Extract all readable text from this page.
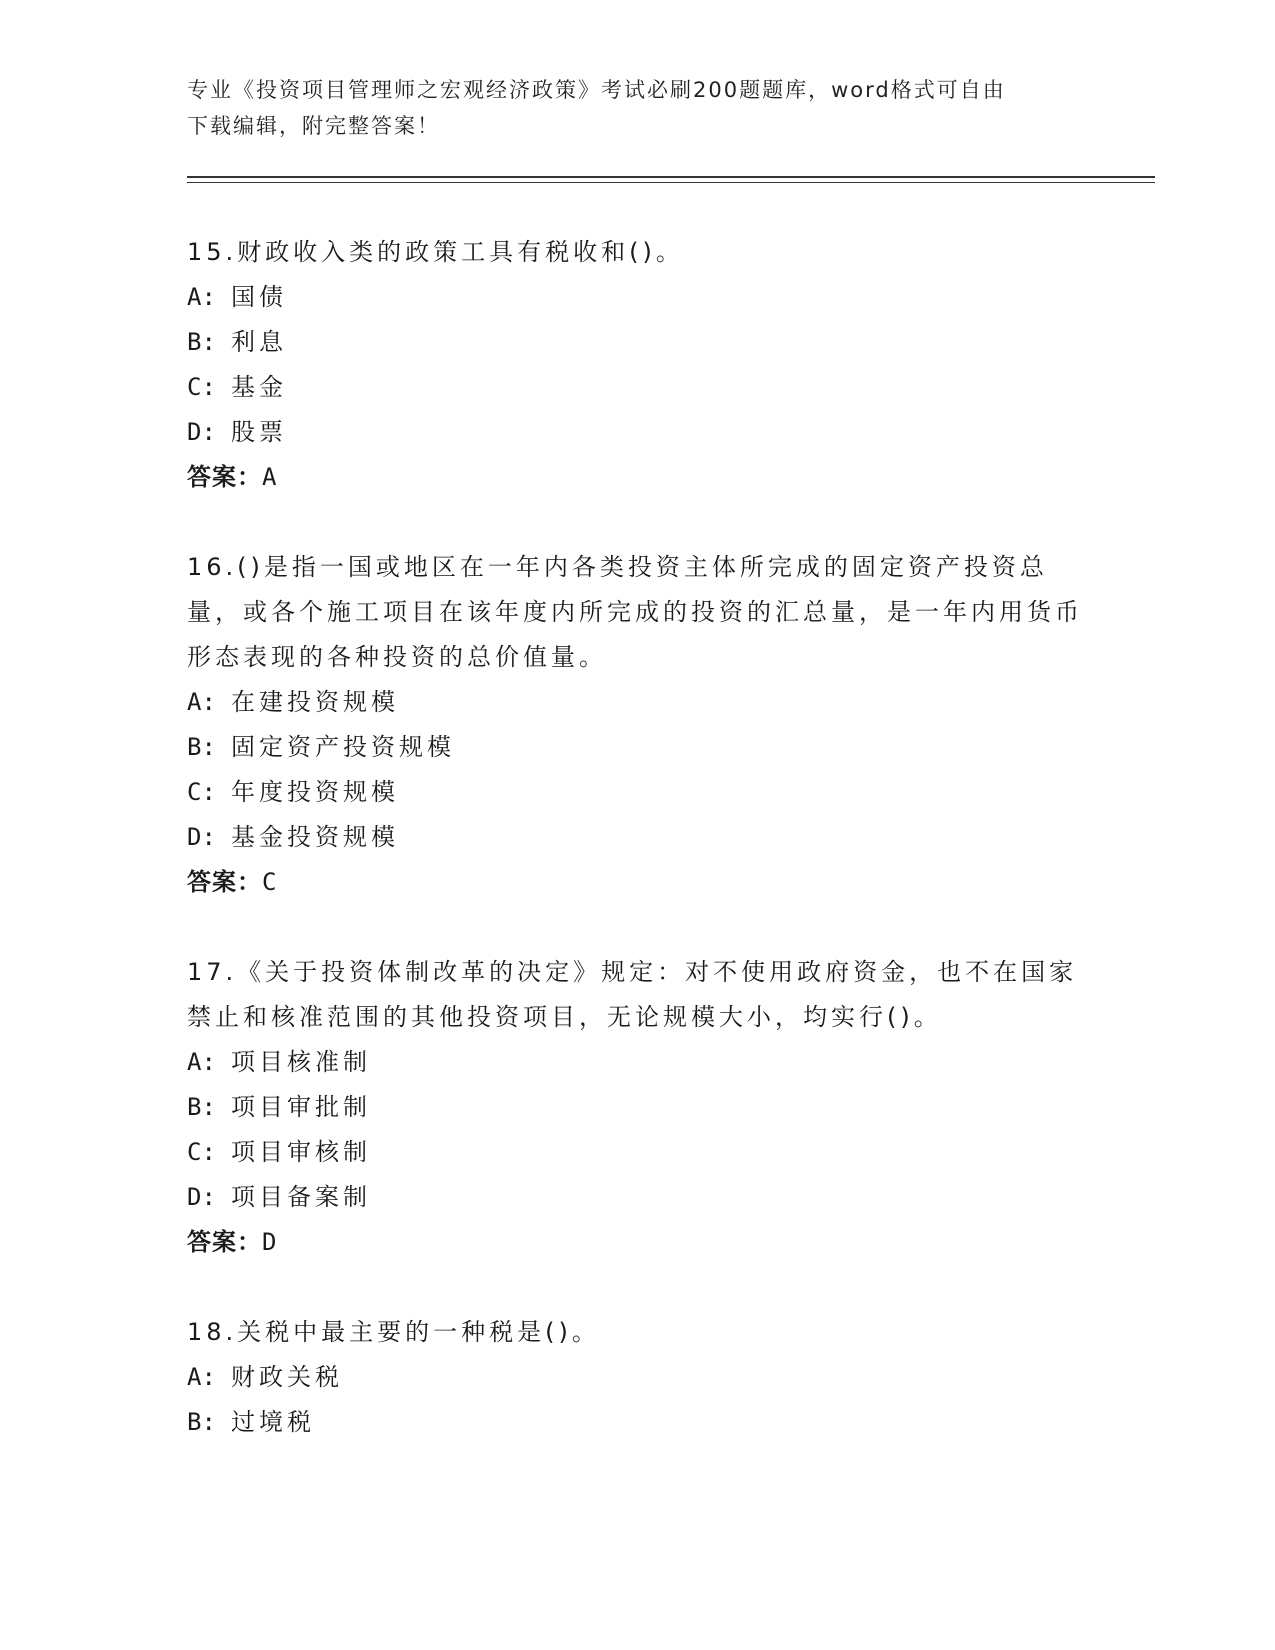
专业《投资项目管理师之宏观经济政策》考试必刷200题题库，word格式可自由
下载编辑，附完整答案！

15.财政收入类的政策工具有税收和()。

A: 国债
B: 利息
C: 基金
D: 股票

答案：A

16.()是指一国或地区在一年内各类投资主体所完成的固定资产投资总量，或各个施工项目在该年度内所完成的投资的汇总量，是一年内用货币形态表现的各种投资的总价值量。

A: 在建投资规模
B: 固定资产投资规模
C: 年度投资规模
D: 基金投资规模

答案：C

17.《关于投资体制改革的决定》规定：对不使用政府资金，也不在国家禁止和核准范围的其他投资项目，无论规模大小，均实行()。

A: 项目核准制
B: 项目审批制
C: 项目审核制
D: 项目备案制

答案：D

18.关税中最主要的一种税是()。

A: 财政关税
B: 过境税
